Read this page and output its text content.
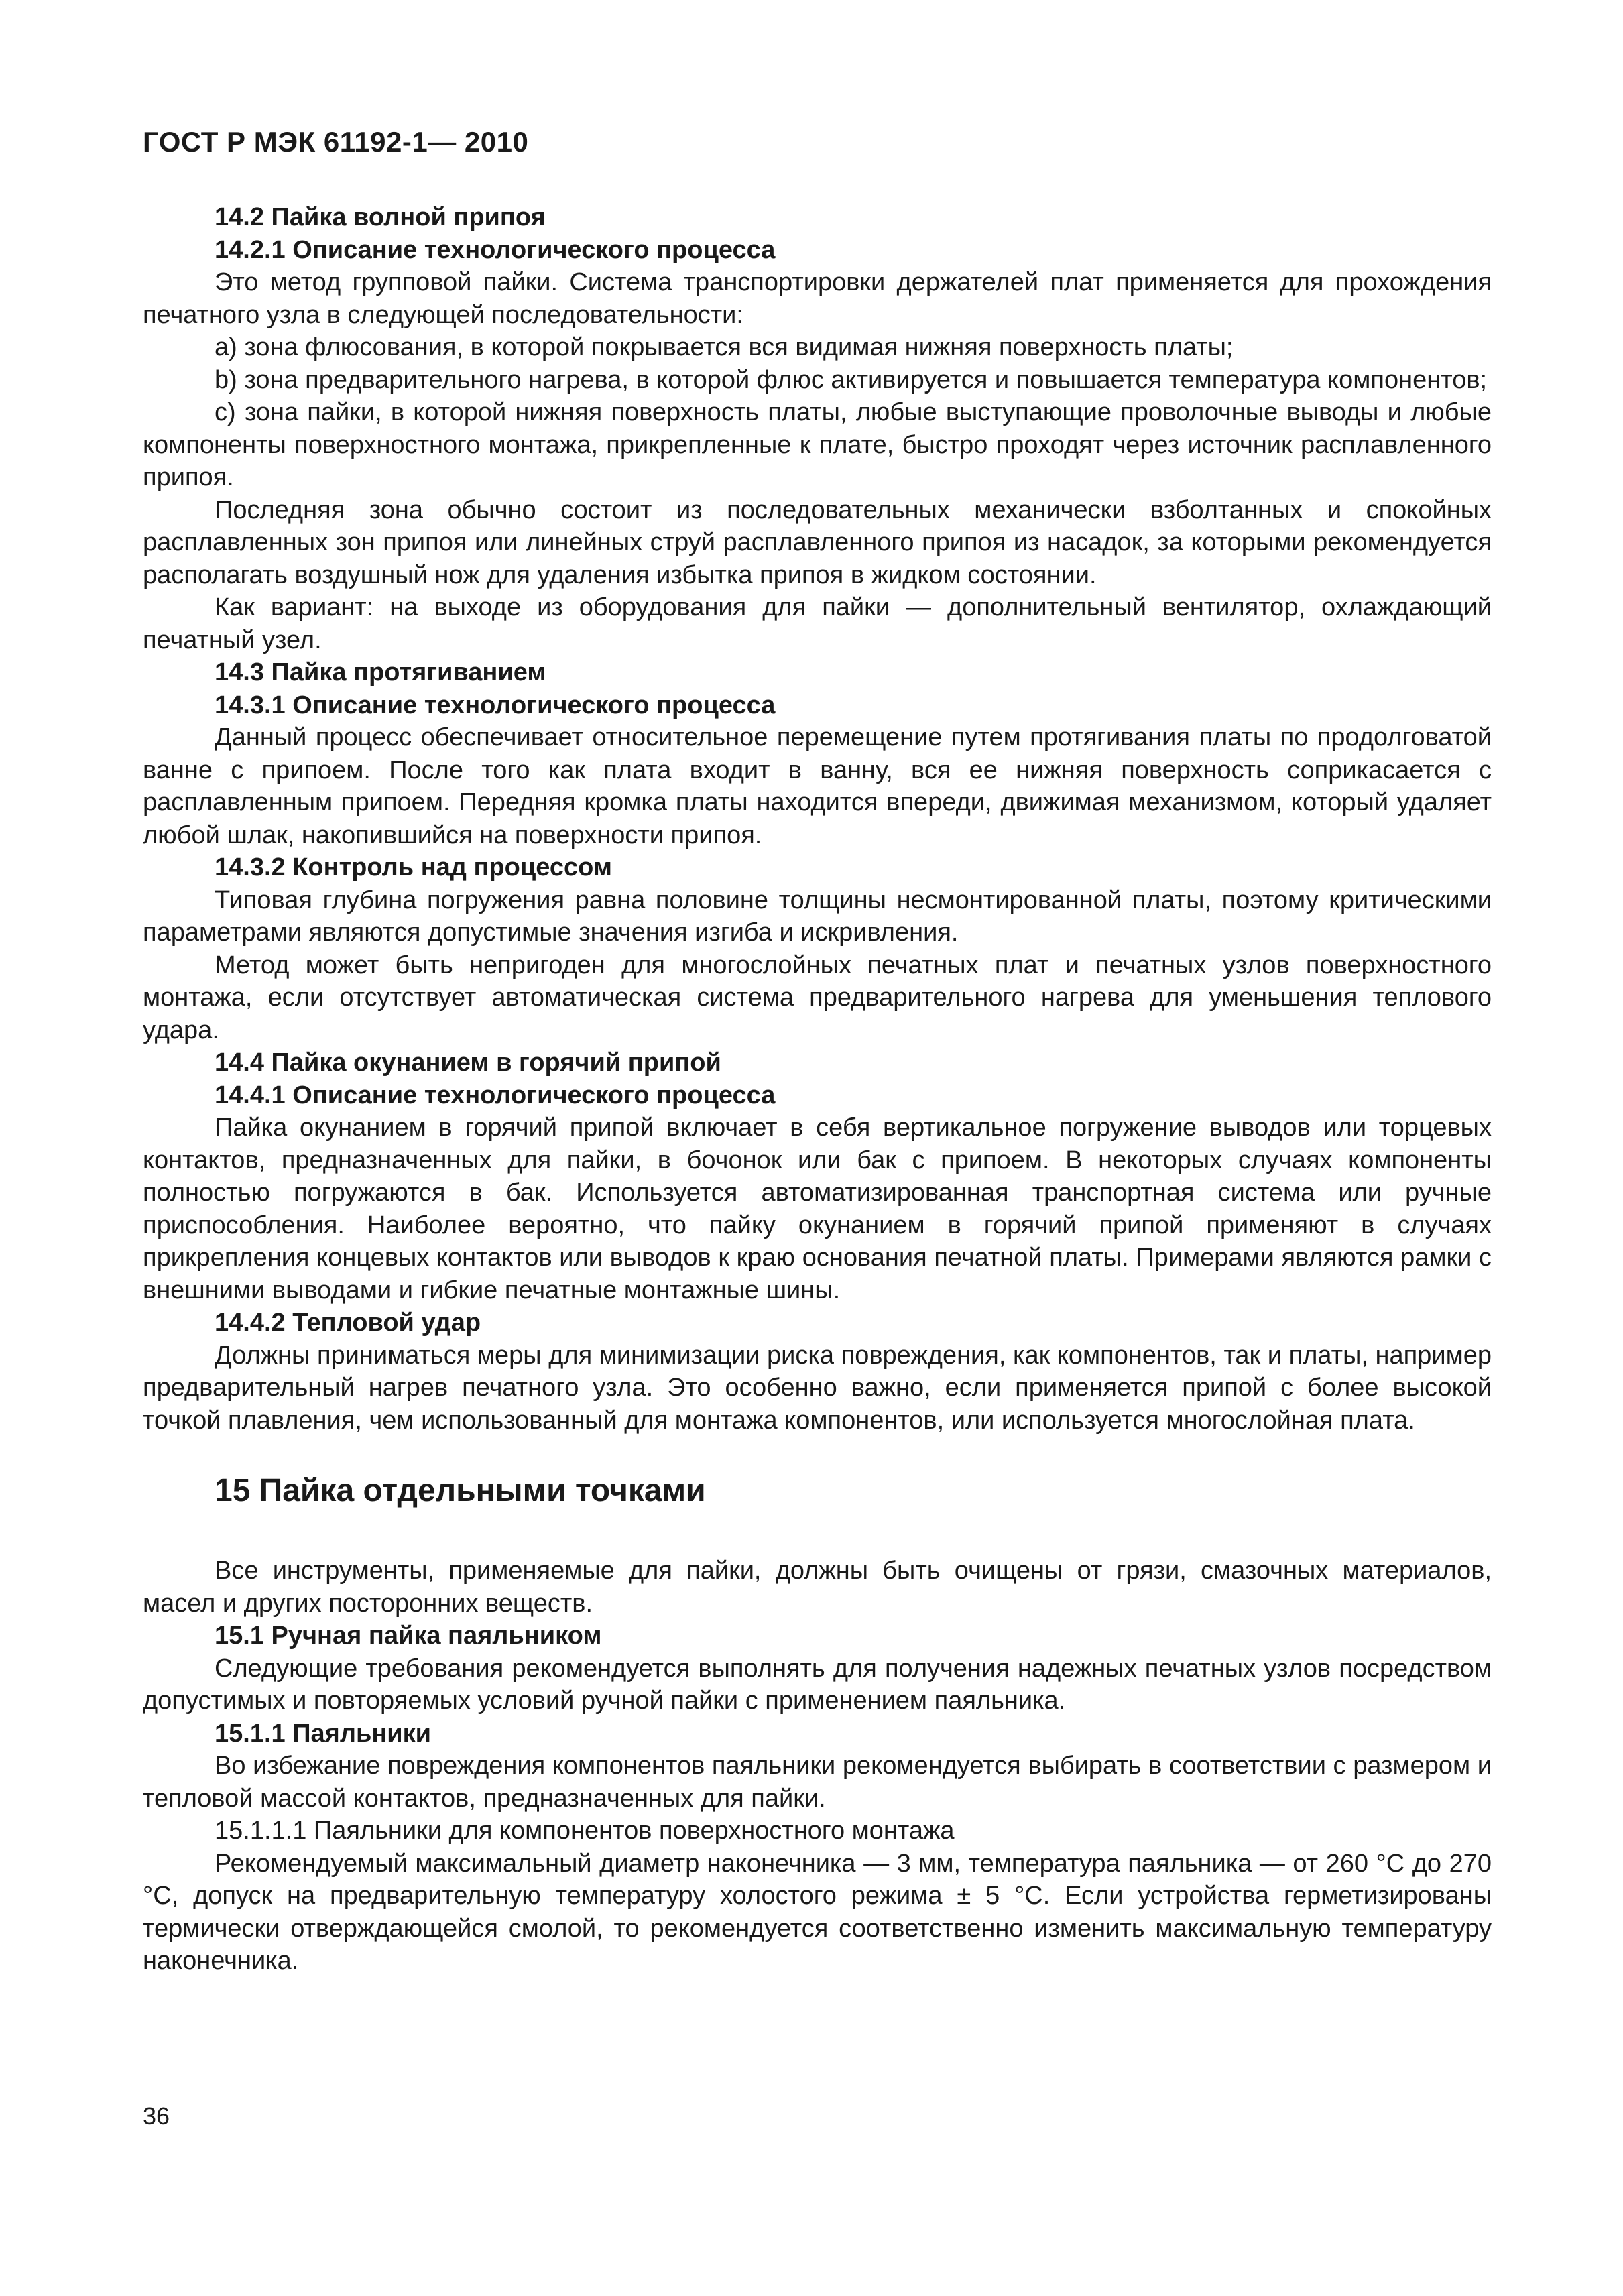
ГОСТ Р МЭК 61192-1— 2010

14.2 Пайка волной припоя

14.2.1 Описание технологического процесса

Это метод групповой пайки. Система транспортировки держателей плат применяется для прохождения печатного узла в следующей последовательности:

a) зона флюсования, в которой покрывается вся видимая нижняя поверхность платы;

b) зона предварительного нагрева, в которой флюс активируется и повышается температура компонентов;

c) зона пайки, в которой нижняя поверхность платы, любые выступающие проволочные выводы и любые компоненты поверхностного монтажа, прикрепленные к плате, быстро проходят через источник расплавленного припоя.

Последняя зона обычно состоит из последовательных механически взболтанных и спокойных расплавленных зон припоя или линейных струй расплавленного припоя из насадок, за которыми рекомендуется располагать воздушный нож для удаления избытка припоя в жидком состоянии.

Как вариант: на выходе из оборудования для пайки — дополнительный вентилятор, охлаждающий печатный узел.

14.3 Пайка протягиванием

14.3.1 Описание технологического процесса

Данный процесс обеспечивает относительное перемещение путем протягивания платы по продолговатой ванне с припоем. После того как плата входит в ванну, вся ее нижняя поверхность соприкасается с расплавленным припоем. Передняя кромка платы находится впереди, движимая механизмом, который удаляет любой шлак, накопившийся на поверхности припоя.

14.3.2 Контроль над процессом

Типовая глубина погружения равна половине толщины несмонтированной платы, поэтому критическими параметрами являются допустимые значения изгиба и искривления.

Метод может быть непригоден для многослойных печатных плат и печатных узлов поверхностного монтажа, если отсутствует автоматическая система предварительного нагрева для уменьшения теплового удара.

14.4 Пайка окунанием в горячий припой

14.4.1 Описание технологического процесса

Пайка окунанием в горячий припой включает в себя вертикальное погружение выводов или торцевых контактов, предназначенных для пайки, в бочонок или бак с припоем. В некоторых случаях компоненты полностью погружаются в бак. Используется автоматизированная транспортная система или ручные приспособления. Наиболее вероятно, что пайку окунанием в горячий припой применяют в случаях прикрепления концевых контактов или выводов к краю основания печатной платы. Примерами являются рамки с внешними выводами и гибкие печатные монтажные шины.

14.4.2 Тепловой удар

Должны приниматься меры для минимизации риска повреждения, как компонентов, так и платы, например предварительный нагрев печатного узла. Это особенно важно, если применяется припой с более высокой точкой плавления, чем использованный для монтажа компонентов, или используется многослойная плата.

15 Пайка отдельными точками

Все инструменты, применяемые для пайки, должны быть очищены от грязи, смазочных материалов, масел и других посторонних веществ.

15.1 Ручная пайка паяльником

Следующие требования рекомендуется выполнять для получения надежных печатных узлов посредством допустимых и повторяемых условий ручной пайки с применением паяльника.

15.1.1 Паяльники

Во избежание повреждения компонентов паяльники рекомендуется выбирать в соответствии с размером и тепловой массой контактов, предназначенных для пайки.

15.1.1.1 Паяльники для компонентов поверхностного монтажа

Рекомендуемый максимальный диаметр наконечника — 3 мм, температура паяльника — от 260 °С до 270 °С, допуск на предварительную температуру холостого режима ± 5 °С. Если устройства герметизированы термически отверждающейся смолой, то рекомендуется соответственно изменить максимальную температуру наконечника.

36
